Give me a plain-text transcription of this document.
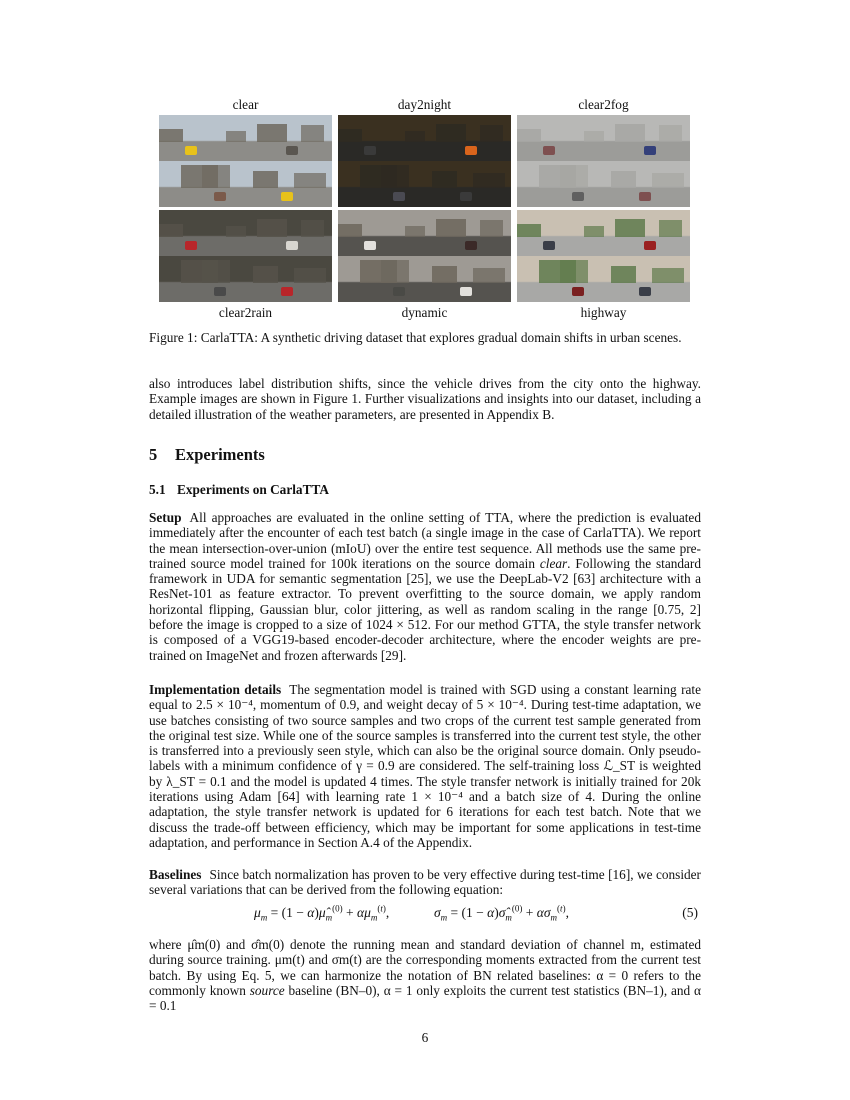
clear	day2night	clear2fog
clear2rain	dynamic	highway
Figure 1: CarlaTTA: A synthetic driving dataset that explores gradual domain shifts in urban scenes.
also introduces label distribution shifts, since the vehicle drives from the city onto the highway. Example images are shown in Figure 1. Further visualizations and insights into our dataset, including a detailed illustration of the weather parameters, are presented in Appendix B.
5 Experiments
5.1 Experiments on CarlaTTA
Setup All approaches are evaluated in the online setting of TTA, where the prediction is evaluated immediately after the encounter of each test batch (a single image in the case of CarlaTTA). We report the mean intersection-over-union (mIoU) over the entire test sequence. All methods use the same pre-trained source model trained for 100k iterations on the source domain clear. Following the standard framework in UDA for semantic segmentation [25], we use the DeepLab-V2 [63] architecture with a ResNet-101 as feature extractor. To prevent overfitting to the source domain, we apply random horizontal flipping, Gaussian blur, color jittering, as well as random scaling in the range [0.75, 2] before the image is cropped to a size of 1024 × 512. For our method GTTA, the style transfer network is composed of a VGG19-based encoder-decoder architecture, where the encoder weights are pre-trained on ImageNet and frozen afterwards [29].
Implementation details The segmentation model is trained with SGD using a constant learning rate equal to 2.5 × 10⁻⁴, momentum of 0.9, and weight decay of 5 × 10⁻⁴. During test-time adaptation, we use batches consisting of two source samples and two crops of the current test sample generated from the original test size. While one of the source samples is transferred into the current test style, the other is transferred into a previously seen style, which can also be the original source domain. Only pseudo-labels with a minimum confidence of γ = 0.9 are considered. The self-training loss ℒ_ST is weighted by λ_ST = 0.1 and the model is updated 4 times. The style transfer network is initially trained for 20k iterations using Adam [64] with learning rate 1 × 10⁻⁴ and a batch size of 4. During the online adaptation, the style transfer network is updated for 6 iterations for each test batch. Note that we discuss the trade-off between efficiency, which may be important for some applications in test-time adaptation, and performance in Section A.4 of the Appendix.
Baselines Since batch normalization has proven to be very effective during test-time [16], we consider several variations that can be derived from the following equation:
$\mu_m = (1$ − $\alpha)\mû_m^{(0)} + \alpha\mu_m^{(t)}$,	$\sigma_m = (1$ − $\alpha)\sigmâ_m^{(0)} + \alpha\sigma_m^{(t)}$,	(5)
where μ̂m(0) and σ̂m(0) denote the running mean and standard deviation of channel m, estimated during source training. μm(t) and σm(t) are the corresponding moments extracted from the current test batch. By using Eq. 5, we can harmonize the notation of BN related baselines: α = 0 refers to the commonly known source baseline (BN–0), α = 1 only exploits the current test statistics (BN–1), and α = 0.1
6
